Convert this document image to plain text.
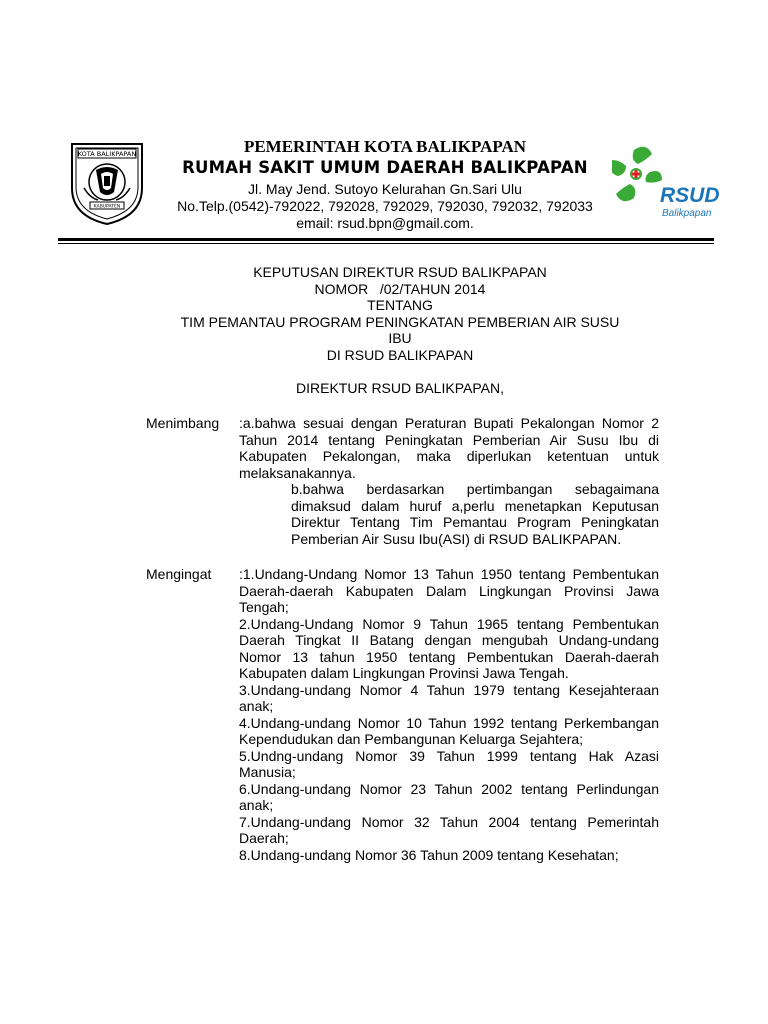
KOTA BALIKPAPAN
KABUPATEN
PEMERINTAH KOTA BALIKPAPAN
RUMAH SAKIT UMUM DAERAH BALIKPAPAN
Jl. May Jend. Sutoyo Kelurahan Gn.Sari Ulu
No.Telp.(0542)-792022, 792028, 792029, 792030, 792032, 792033
email: rsud.bpn@gmail.com.
RSUD
Balikpapan
KEPUTUSAN DIREKTUR RSUD BALIKPAPAN
NOMOR   /02/TAHUN 2014
TENTANG
TIM PEMANTAU PROGRAM PENINGKATAN PEMBERIAN AIR SUSU
IBU
DI RSUD BALIKPAPAN
DIREKTUR RSUD BALIKPAPAN,
Menimbang :a.bahwa sesuai dengan Peraturan Bupati Pekalongan Nomor 2 Tahun 2014 tentang Peningkatan Pemberian Air Susu Ibu di Kabupaten Pekalongan, maka diperlukan ketentuan untuk melaksanakannya.

b.bahwa berdasarkan pertimbangan sebagaimana dimaksud dalam huruf a,perlu menetapkan Keputusan Direktur Tentang Tim Pemantau Program Peningkatan Pemberian Air Susu Ibu(ASI) di RSUD BALIKPAPAN.

Mengingat :1.Undang-Undang Nomor 13 Tahun 1950 tentang Pembentukan Daerah-daerah Kabupaten Dalam Lingkungan Provinsi Jawa Tengah;

2.Undang-Undang Nomor 9 Tahun 1965 tentang Pembentukan Daerah Tingkat II Batang dengan mengubah Undang-undang Nomor 13 tahun 1950 tentang Pembentukan Daerah-daerah Kabupaten dalam Lingkungan Provinsi Jawa Tengah.

3.Undang-undang Nomor 4 Tahun 1979 tentang Kesejahteraan anak;

4.Undang-undang Nomor 10 Tahun 1992 tentang Perkembangan Kependudukan dan Pembangunan Keluarga Sejahtera;

5.Undng-undang Nomor 39 Tahun 1999 tentang Hak Azasi Manusia;

6.Undang-undang Nomor 23 Tahun 2002 tentang Perlindungan anak;

7.Undang-undang Nomor 32 Tahun 2004 tentang Pemerintah Daerah;

8.Undang-undang Nomor 36 Tahun 2009 tentang Kesehatan;
